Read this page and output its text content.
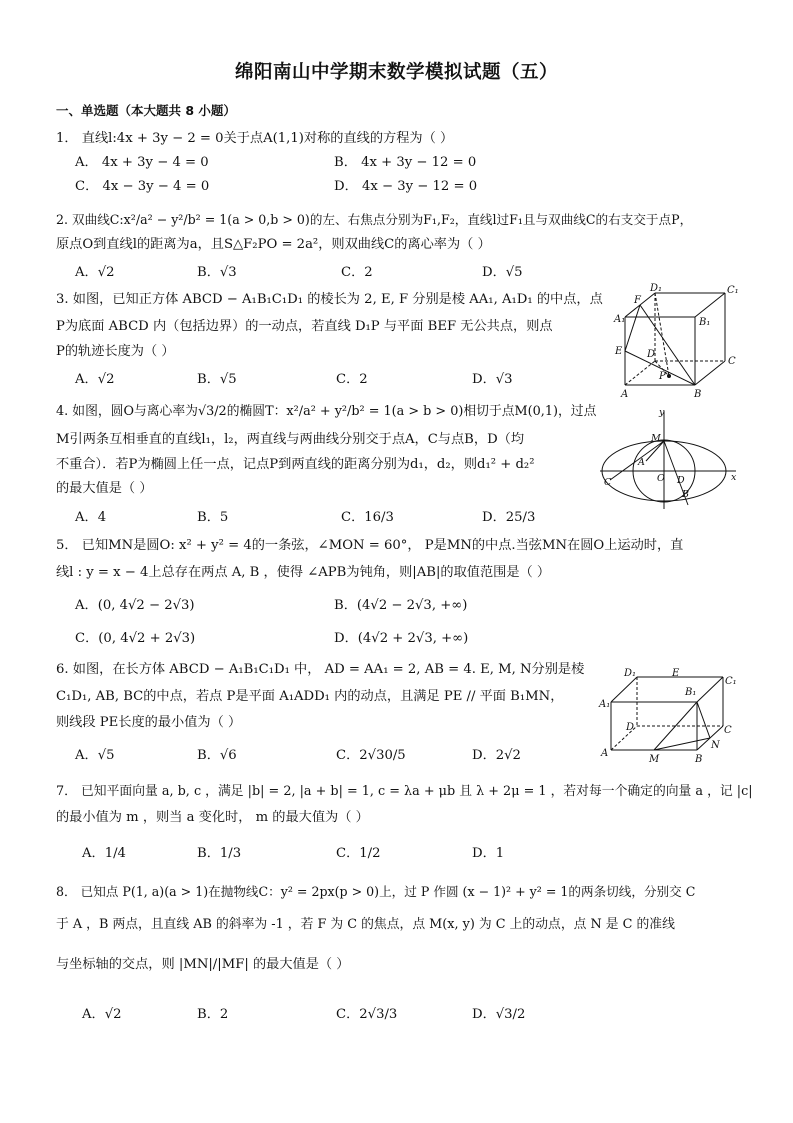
绵阳南山中学期末数学模拟试题（五）
一、单选题（本大题共 8 小题）
1． 直线l:4x + 3y − 2 = 0关于点A(1,1)对称的直线的方程为（ ）
A． 4x + 3y − 4 = 0	B． 4x + 3y − 12 = 0
C． 4x − 3y − 4 = 0	D． 4x − 3y − 12 = 0
2. 双曲线C:x²/a² − y²/b² = 1(a > 0,b > 0)的左、右焦点分别为F₁,F₂，直线l过F₁且与双曲线C的右支交于点P，
原点O到直线l的距离为a，且S△F₂PO = 2a²，则双曲线C的离心率为（ ）
A．√2	B．√3	C．2	D．√5
3. 如图，已知正方体 ABCD − A₁B₁C₁D₁ 的棱长为 2, E, F 分别是棱 AA₁, A₁D₁ 的中点，点
P为底面 ABCD 内（包括边界）的一动点，若直线 D₁P 与平面 BEF 无公共点，则点
P的轨迹长度为（ ）
A．√2	B．√5	C．2	D．√3
D₁	C₁
F
A₁	B₁
E D
C
P
A	B
4. 如图，圆O与离心率为√3/2的椭圆T：x²/a² + y²/b² = 1(a > b > 0)相切于点M(0,1)，过点
M引两条互相垂直的直线l₁，l₂，两直线与两曲线分别交于点A，C与点B，D（均
不重合）．若P为椭圆上任一点，记点P到两直线的距离分别为d₁，d₂，则d₁² + d₂²
的最大值是（ ）
A．4	B．5	C．16/3	D．25/3
y
M
A
O D
C
B
x
5． 已知MN是圆O: x² + y² = 4的一条弦，∠MON = 60°， P是MN的中点.当弦MN在圆O上运动时，直
线l : y = x − 4上总存在两点 A, B ，使得 ∠APB为钝角，则|AB|的取值范围是（ ）
A．(0, 4√2 − 2√3)	B．(4√2 − 2√3, +∞)
C．(0, 4√2 + 2√3)	D．(4√2 + 2√3, +∞)
6. 如图，在长方体 ABCD − A₁B₁C₁D₁ 中， AD = AA₁ = 2, AB = 4. E, M, N分别是棱
C₁D₁, AB, BC的中点，若点 P是平面 A₁ADD₁ 内的动点，且满足 PE // 平面 B₁MN，
则线段 PE长度的最小值为（ ）
A．√5	B．√6	C．2√30/5	D．2√2
D₁	E
C₁
B₁
A₁
D	C
N
A
M	B
7． 已知平面向量 a, b, c ，满足 |b| = 2, |a + b| = 1, c = λa + μb 且 λ + 2μ = 1 ，若对每一个确定的向量 a ，记 |c|
的最小值为 m ，则当 a 变化时， m 的最大值为（ ）
A．1/4	B．1/3	C．1/2	D．1
8． 已知点 P(1, a)(a > 1)在抛物线C：y² = 2px(p > 0)上，过 P 作圆 (x − 1)² + y² = 1的两条切线，分别交 C
于 A ，B 两点，且直线 AB 的斜率为 -1 ，若 F 为 C 的焦点，点 M(x, y) 为 C 上的动点，点 N 是 C 的准线
与坐标轴的交点，则 |MN|/|MF| 的最大值是（ ）
A．√2	B．2	C．2√3/3	D．√3/2
